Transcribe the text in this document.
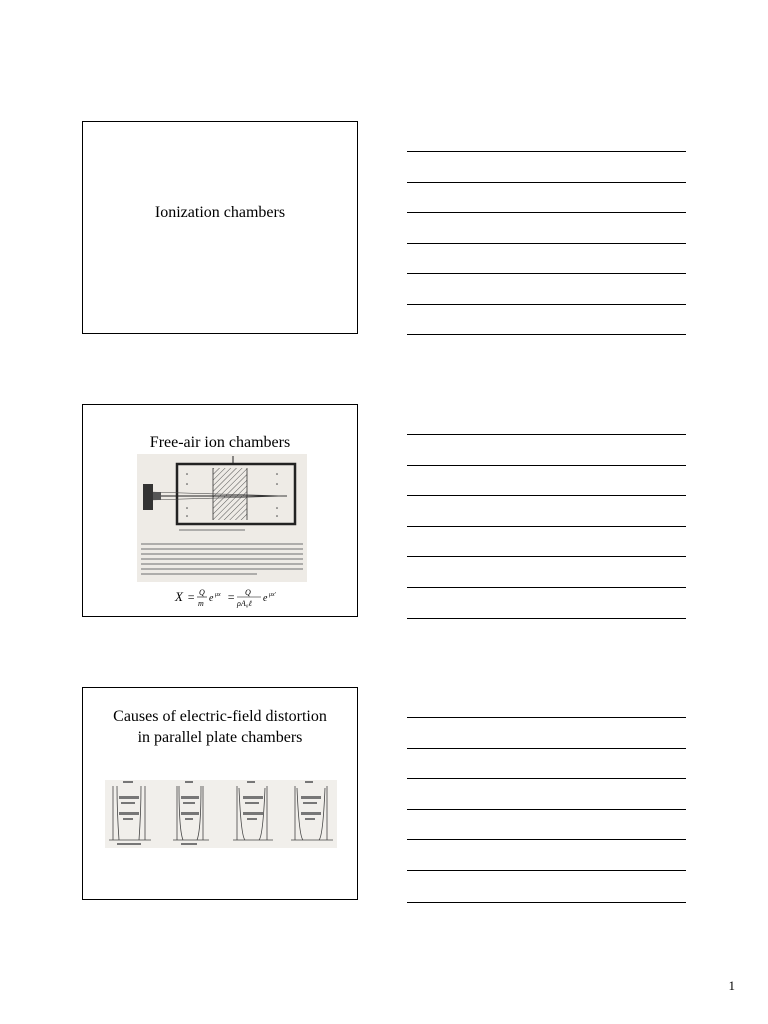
Ionization chambers
Free-air ion chambers
X = Q
m e μx = Q
ρA₀ℓ e μx'
Causes of electric-field distortion
in parallel plate chambers
1
